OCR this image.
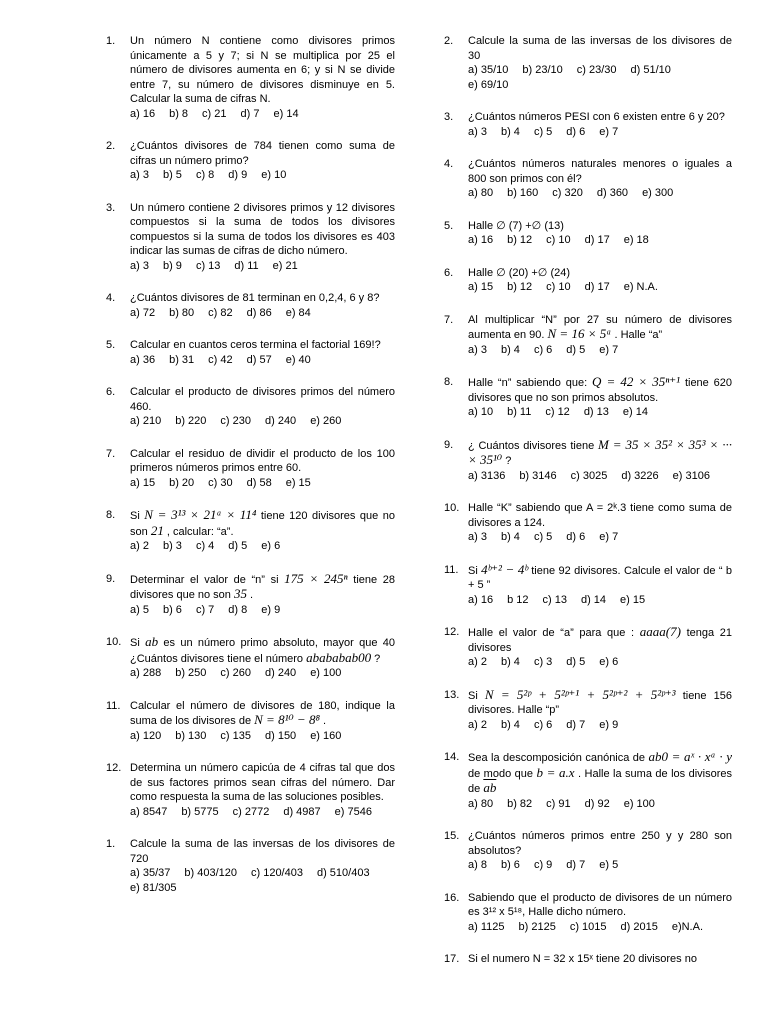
1. Un número N contiene como divisores primos únicamente a 5 y 7; si N se multiplica por 25 el número de divisores aumenta en 6; y si N se divide entre 7, su número de divisores disminuye en 5. Calcular la suma de cifras N.
a) 16 b) 8 c) 21 d) 7 e) 14
2. ¿Cuántos divisores de 784 tienen como suma de cifras un número primo?
a) 3 b) 5 c) 8 d) 9 e) 10
3. Un número contiene 2 divisores primos y 12 divisores compuestos si la suma de todos los divisores compuestos si la suma de todos los divisores es 403 indicar las sumas de cifras de dicho número.
a) 3 b) 9 c) 13 d) 11 e) 21
4. ¿Cuántos divisores de 81 terminan en 0,2,4, 6 y 8?
a) 72 b) 80 c) 82 d) 86 e) 84
5. Calcular en cuantos ceros termina el factorial 169!?
a) 36 b) 31 c) 42 d) 57 e) 40
6. Calcular el producto de divisores primos del número 460.
a) 210 b) 220 c) 230 d) 240 e) 260
7. Calcular el residuo de dividir el producto de los 100 primeros números primos entre 60.
a) 15 b) 20 c) 30 d) 58 e) 15
8. Si N = 3¹³ × 21ᵃ × 11⁴ tiene 120 divisores que no son 21 , calcular: “a”.
a) 2 b) 3 c) 4 d) 5 e) 6
9. Determinar el valor de “n” si 175 × 245ⁿ tiene 28 divisores que no son 35 .
a) 5 b) 6 c) 7 d) 8 e) 9
10. Si ab es un número primo absoluto, mayor que 40 ¿Cuántos divisores tiene el número abababab00 ?
a) 288 b) 250 c) 260 d) 240 e) 100
11. Calcular el número de divisores de 180, indique la suma de los divisores de N = 8¹⁰ − 8⁸ .
a) 120 b) 130 c) 135 d) 150 e) 160
12. Determina un número capicúa de 4 cifras tal que dos de sus factores primos sean cifras del número. Dar como respuesta la suma de las soluciones posibles.
a) 8547 b) 5775 c) 2772 d) 4987 e) 7546
1. Calcule la suma de las inversas de los divisores de 720
a) 35/37 b) 403/120 c) 120/403 d) 510/403
e) 81/305
2. Calcule la suma de las inversas de los divisores de 30
a) 35/10 b) 23/10 c) 23/30 d) 51/10
e) 69/10
3. ¿Cuántos números PESI con 6 existen entre 6 y 20?
a) 3 b) 4 c) 5 d) 6 e) 7
4. ¿Cuántos números naturales menores o iguales a 800 son primos con él?
a) 80 b) 160 c) 320 d) 360 e) 300
5. Halle ∅ (7) +∅ (13)
a) 16 b) 12 c) 10 d) 17 e) 18
6. Halle ∅ (20) +∅ (24)
a) 15 b) 12 c) 10 d) 17 e) N.A.
7. Al multiplicar “N” por 27 su número de divisores aumenta en 90. N = 16 × 5ᵃ . Halle “a”
a) 3 b) 4 c) 6 d) 5 e) 7
8. Halle “n” sabiendo que: Q = 42 × 35ⁿ⁺¹ tiene 620 divisores que no son primos absolutos.
a) 10 b) 11 c) 12 d) 13 e) 14
9. ¿ Cuántos divisores tiene M = 35 × 35² × 35³ × ··· × 35¹⁰ ?
a) 3136 b) 3146 c) 3025 d) 3226 e) 3106
10. Halle “K” sabiendo que A = 2ᵏ.3 tiene como suma de divisores a 124.
a) 3 b) 4 c) 5 d) 6 e) 7
11. Si 4ᵇ⁺² − 4ᵇ tiene 92 divisores. Calcule el valor de “ b + 5 ”
a) 16 b 12 c) 13 d) 14 e) 15
12. Halle el valor de “a” para que : aaaa(7) tenga 21 divisores
a) 2 b) 4 c) 3 d) 5 e) 6
13. Si N = 5²ᵖ + 5²ᵖ⁺¹ + 5²ᵖ⁺² + 5²ᵖ⁺³ tiene 156 divisores. Halle “p”
a) 2 b) 4 c) 6 d) 7 e) 9
14. Sea la descomposición canónica de ab0 = aˣ · xᵃ · y de modo que b = a.x . Halle la suma de los divisores de $\overline{ab}$
a) 80 b) 82 c) 91 d) 92 e) 100
15. ¿Cuántos números primos entre 250 y y 280 son absolutos?
a) 8 b) 6 c) 9 d) 7 e) 5
16. Sabiendo que el producto de divisores de un número es 3¹² x 5¹⁸, Halle dicho número.
a) 1125 b) 2125 c) 1015 d) 2015 e)N.A.
17. Si el numero N = 32 x 15ˣ tiene 20 divisores no
